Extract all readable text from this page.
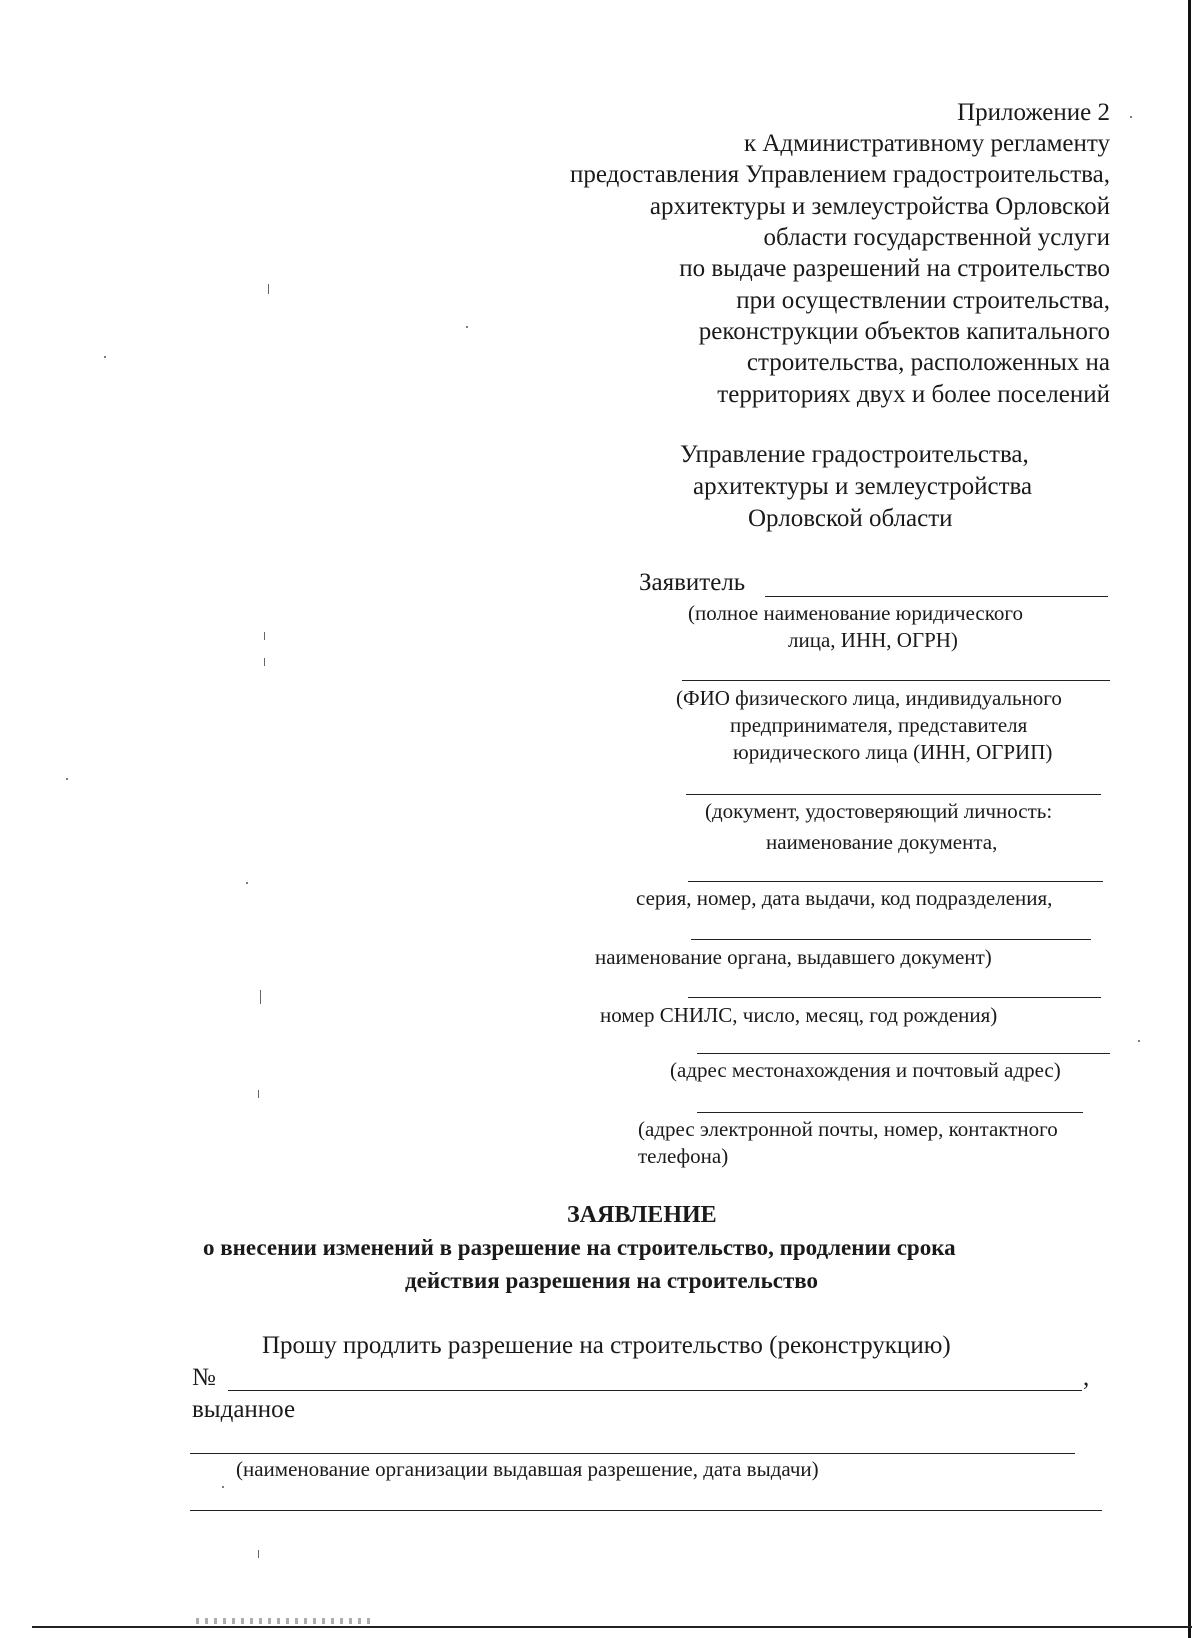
Приложение 2
к Административному регламенту
предоставления Управлением градостроительства,
архитектуры и землеустройства Орловской
области государственной услуги
по выдаче разрешений на строительство
при осуществлении строительства,
реконструкции объектов капитального
строительства, расположенных на
территориях двух и более поселений
Управление градостроительства,
архитектуры и землеустройства
Орловской области
Заявитель
(полное наименование юридического
лица, ИНН, ОГРН)
(ФИО физического лица, индивидуального
предпринимателя, представителя
юридического лица (ИНН, ОГРИП)
(документ, удостоверяющий личность:
наименование документа,
серия, номер, дата выдачи, код подразделения,
наименование органа, выдавшего документ)
номер СНИЛС, число, месяц, год рождения)
(адрес местонахождения и почтовый адрес)
(адрес электронной почты, номер, контактного
телефона)
ЗАЯВЛЕНИЕ
о внесении изменений в разрешение на строительство, продлении срока
действия разрешения на строительство
Прошу продлить разрешение на строительство (реконструкцию)
№	,
выданное
(наименование организации выдавшая разрешение, дата выдачи)
